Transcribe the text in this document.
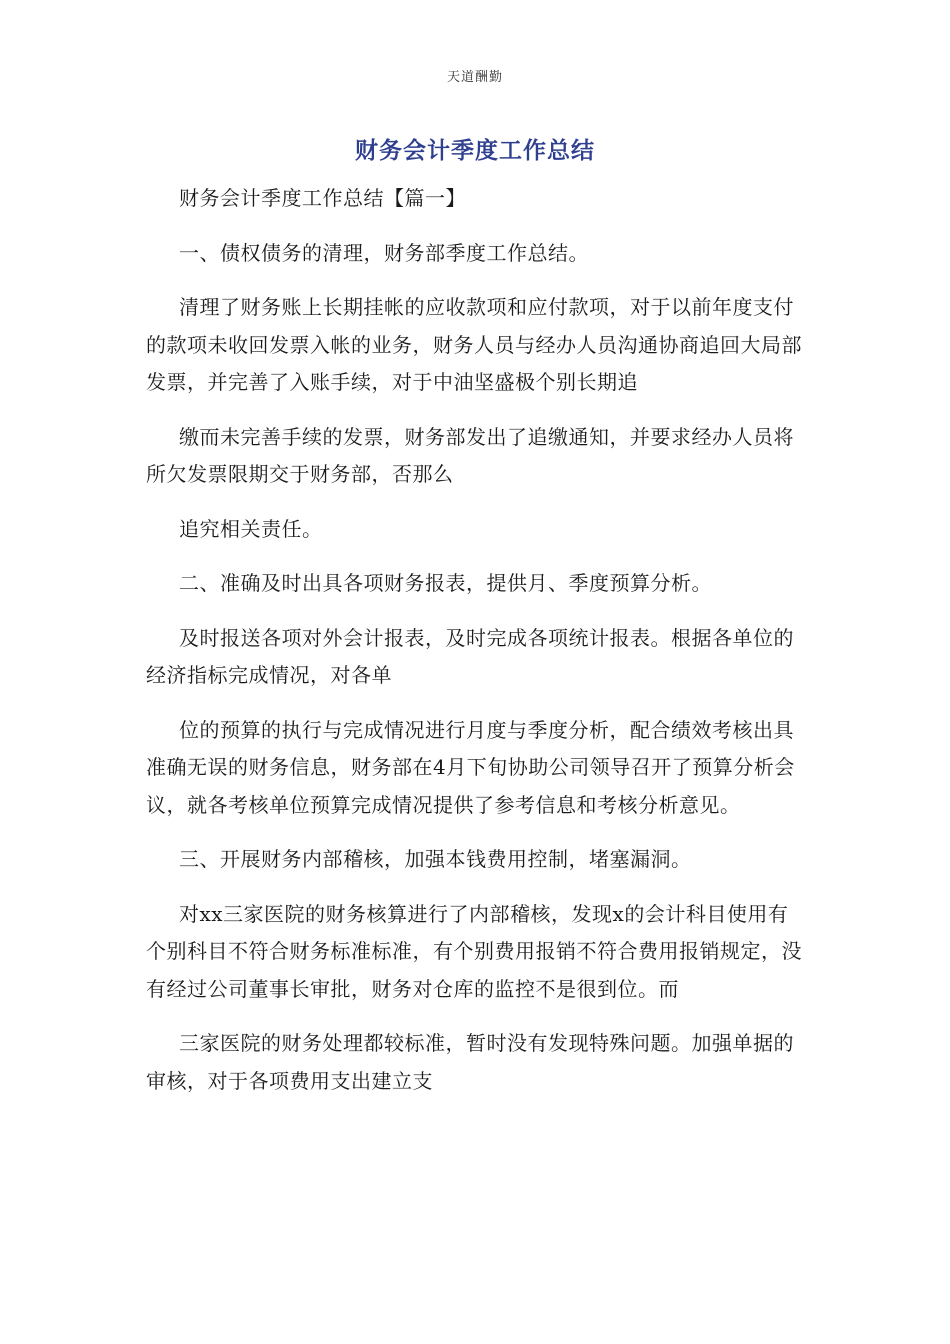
天道酬勤
财务会计季度工作总结

财务会计季度工作总结【篇一】

一、债权债务的清理，财务部季度工作总结。

清理了财务账上长期挂帐的应收款项和应付款项，对于以前年度支付的款项未收回发票入帐的业务，财务人员与经办人员沟通协商追回大局部发票，并完善了入账手续，对于中油坚盛极个别长期追

缴而未完善手续的发票，财务部发出了追缴通知，并要求经办人员将所欠发票限期交于财务部，否那么

追究相关责任。

二、准确及时出具各项财务报表，提供月、季度预算分析。

及时报送各项对外会计报表，及时完成各项统计报表。根据各单位的经济指标完成情况，对各单

位的预算的执行与完成情况进行月度与季度分析，配合绩效考核出具准确无误的财务信息，财务部在4月下旬协助公司领导召开了预算分析会议，就各考核单位预算完成情况提供了参考信息和考核分析意见。

三、开展财务内部稽核，加强本钱费用控制，堵塞漏洞。

对xx三家医院的财务核算进行了内部稽核，发现x的会计科目使用有个别科目不符合财务标准标准，有个别费用报销不符合费用报销规定，没有经过公司董事长审批，财务对仓库的监控不是很到位。而

三家医院的财务处理都较标准，暂时没有发现特殊问题。加强单据的审核，对于各项费用支出建立支
